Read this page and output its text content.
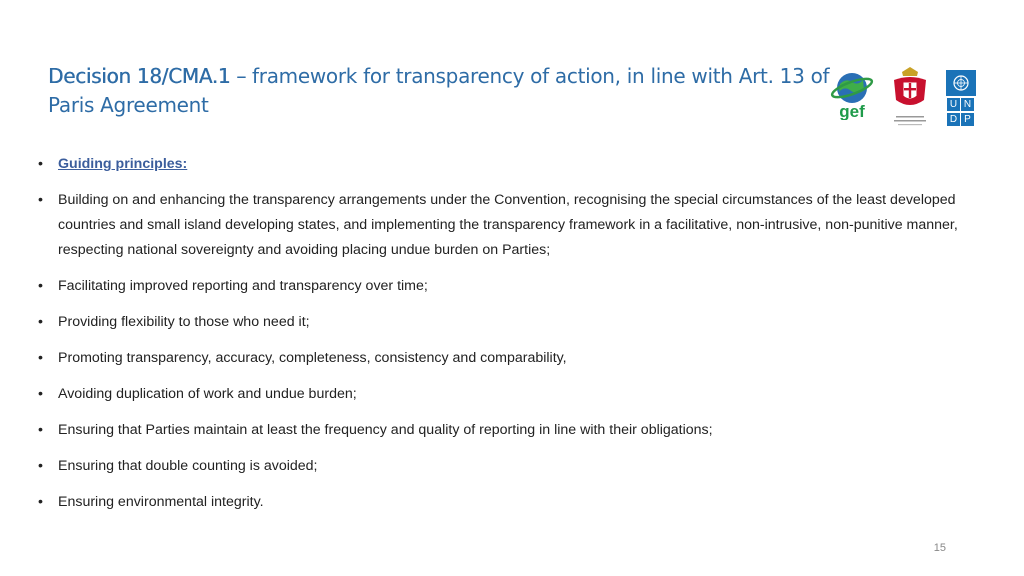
Decision 18/CMA.1 – framework for transparency of action, in line with Art. 13 of Paris Agreement	gef	U N
D P
• Guiding principles:
• Building on and enhancing the transparency arrangements under the Convention, recognising the special circumstances of the least developed countries and small island developing states, and implementing the transparency framework in a facilitative, non-intrusive, non-punitive manner, respecting national sovereignty and avoiding placing undue burden on Parties;
• Facilitating improved reporting and transparency over time;
• Providing flexibility to those who need it;
• Promoting transparency, accuracy, completeness, consistency and comparability,
• Avoiding duplication of work and undue burden;
• Ensuring that Parties maintain at least the frequency and quality of reporting in line with their obligations;
• Ensuring that double counting is avoided;
• Ensuring environmental integrity.
15
